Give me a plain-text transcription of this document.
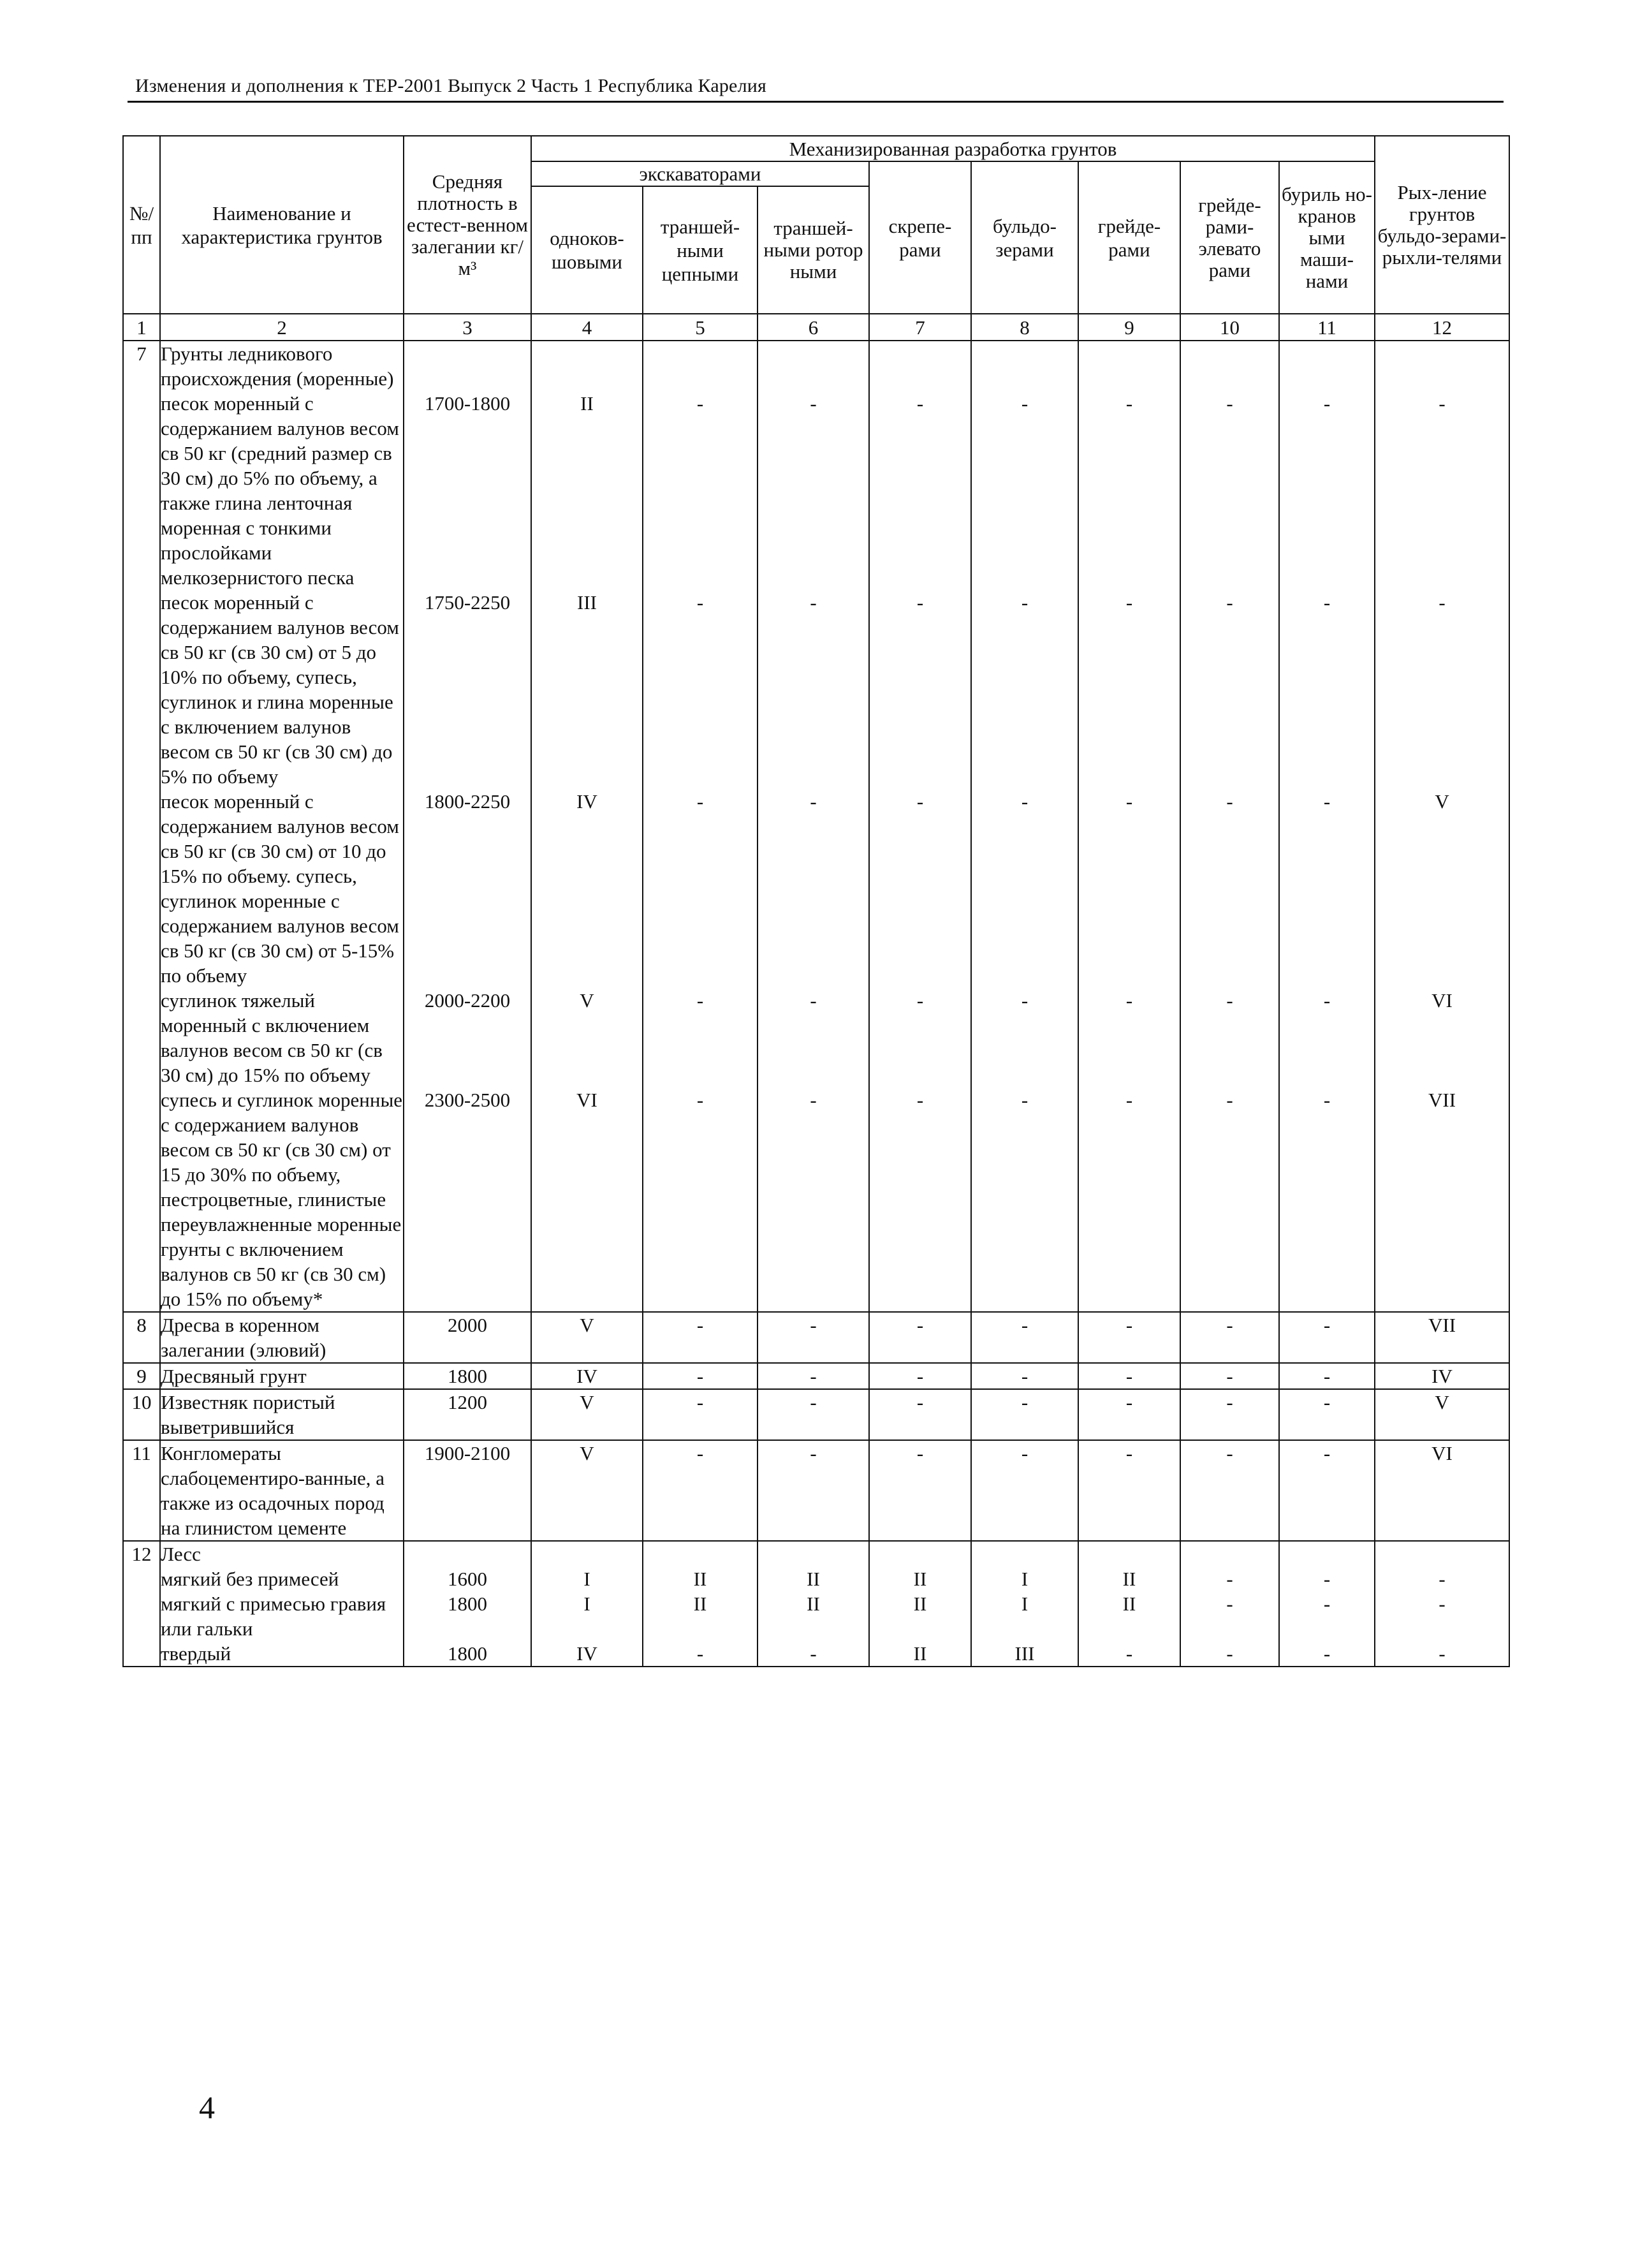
Изменения и дополнения к ТЕР-2001 Выпуск 2 Часть 1 Республика Карелия
№/ пп	Наименование и характеристика грунтов	Средняя плотность в естест-венном залегании кг/м³	Механизированная разработка грунтов								Рых-ление грунтов бульдо-зерами-рыхли-телями
			экскаваторами			скрепе-рами	бульдо-зерами	грейде-рами	грейде-рами-элевато рами	буриль но-кранов ыми маши-нами	
			одноков-шовыми	траншей-ными цепными	траншей-ными ротор ными						
1	2	3	4	5	6	7	8	9	10	11	12
7	Грунты ледникового происхождения (моренные)										
	песок моренный с содержанием валунов весом св 50 кг (средний размер св 30 см) до 5% по объему, а также глина ленточная моренная с тонкими прослойками мелкозернистого песка	1700-1800	II	-	-	-	-	-	-	-	-
	песок моренный с содержанием валунов весом св 50 кг (св 30 см) от 5 до 10% по объему, супесь, суглинок и глина моренные с включением валунов весом св 50 кг (св 30 см) до 5% по объему	1750-2250	III	-	-	-	-	-	-	-	-
	песок моренный с содержанием валунов весом св 50 кг (св 30 см) от 10 до 15% по объему. супесь, суглинок моренные с содержанием валунов весом св 50 кг (св 30 см) от 5-15% по объему	1800-2250	IV	-	-	-	-	-	-	-	V
	суглинок тяжелый моренный с включением валунов весом св 50 кг (св 30 см) до 15% по объему	2000-2200	V	-	-	-	-	-	-	-	VI
	супесь и суглинок моренные с содержанием валунов весом св 50 кг (св 30 см) от 15 до 30% по объему, пестроцветные, глинистые переувлажненные моренные грунты с включением валунов св 50 кг (св 30 см) до 15% по объему*	2300-2500	VI	-	-	-	-	-	-	-	VII
8	Дресва в коренном залегании (элювий)	2000	V	-	-	-	-	-	-	-	VII
9	Дресвяный грунт	1800	IV	-	-	-	-	-	-	-	IV
10	Известняк пористый выветрившийся	1200	V	-	-	-	-	-	-	-	V
11	Конгломераты слабоцементиро-ванные, а также из осадочных пород на глинистом цементе	1900-2100	V	-	-	-	-	-	-	-	VI
12	Лесс										
	мягкий без примесей	1600	I	II	II	II	I	II	-	-	-
	мягкий с примесью гравия или гальки	1800	I	II	II	II	I	II	-	-	-
	твердый	1800	IV	-	-	II	III	-	-	-	-
4
